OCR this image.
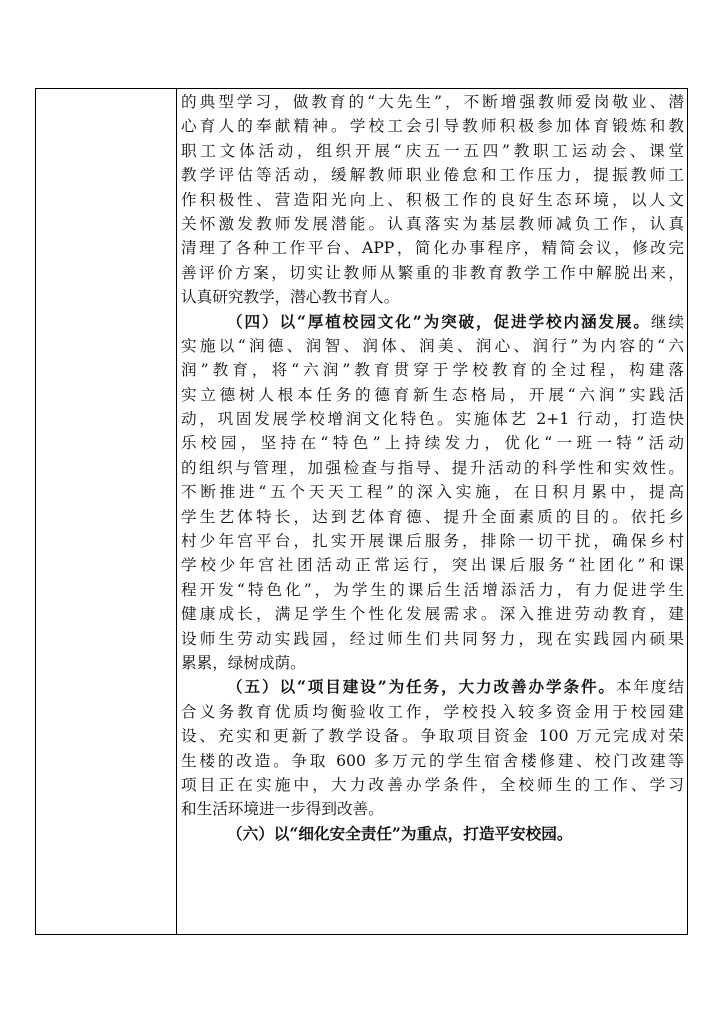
的典型学习，做教育的“大先生”，不断增强教师爱岗敬业、潜
心育人的奉献精神。学校工会引导教师积极参加体育锻炼和教
职工文体活动，组织开展“庆五一五四”教职工运动会、课堂
教学评估等活动，缓解教师职业倦怠和工作压力，提振教师工
作积极性、营造阳光向上、积极工作的良好生态环境，以人文
关怀激发教师发展潜能。认真落实为基层教师减负工作，认真
清理了各种工作平台、APP，简化办事程序，精简会议，修改完
善评价方案，切实让教师从繁重的非教育教学工作中解脱出来，
认真研究教学，潜心教书育人。
（四）以“厚植校园文化”为突破，促进学校内涵发展。继续
实施以“润德、润智、润体、润美、润心、润行”为内容的“六
润”教育，将“六润”教育贯穿于学校教育的全过程，构建落
实立德树人根本任务的德育新生态格局，开展“六润”实践活
动，巩固发展学校增润文化特色。实施体艺 2+1 行动，打造快
乐校园，坚持在“特色”上持续发力，优化“一班一特”活动
的组织与管理，加强检查与指导、提升活动的科学性和实效性。
不断推进“五个天天工程”的深入实施，在日积月累中，提高
学生艺体特长，达到艺体育德、提升全面素质的目的。依托乡
村少年宫平台，扎实开展课后服务，排除一切干扰，确保乡村
学校少年宫社团活动正常运行，突出课后服务“社团化”和课
程开发“特色化”，为学生的课后生活增添活力，有力促进学生
健康成长，满足学生个性化发展需求。深入推进劳动教育，建
设师生劳动实践园，经过师生们共同努力，现在实践园内硕果
累累，绿树成荫。
（五）以“项目建设”为任务，大力改善办学条件。本年度结
合义务教育优质均衡验收工作，学校投入较多资金用于校园建
设、充实和更新了教学设备。争取项目资金 100 万元完成对荣
生楼的改造。争取 600 多万元的学生宿舍楼修建、校门改建等
项目正在实施中，大力改善办学条件，全校师生的工作、学习
和生活环境进一步得到改善。
（六）以“细化安全责任”为重点，打造平安校园。
